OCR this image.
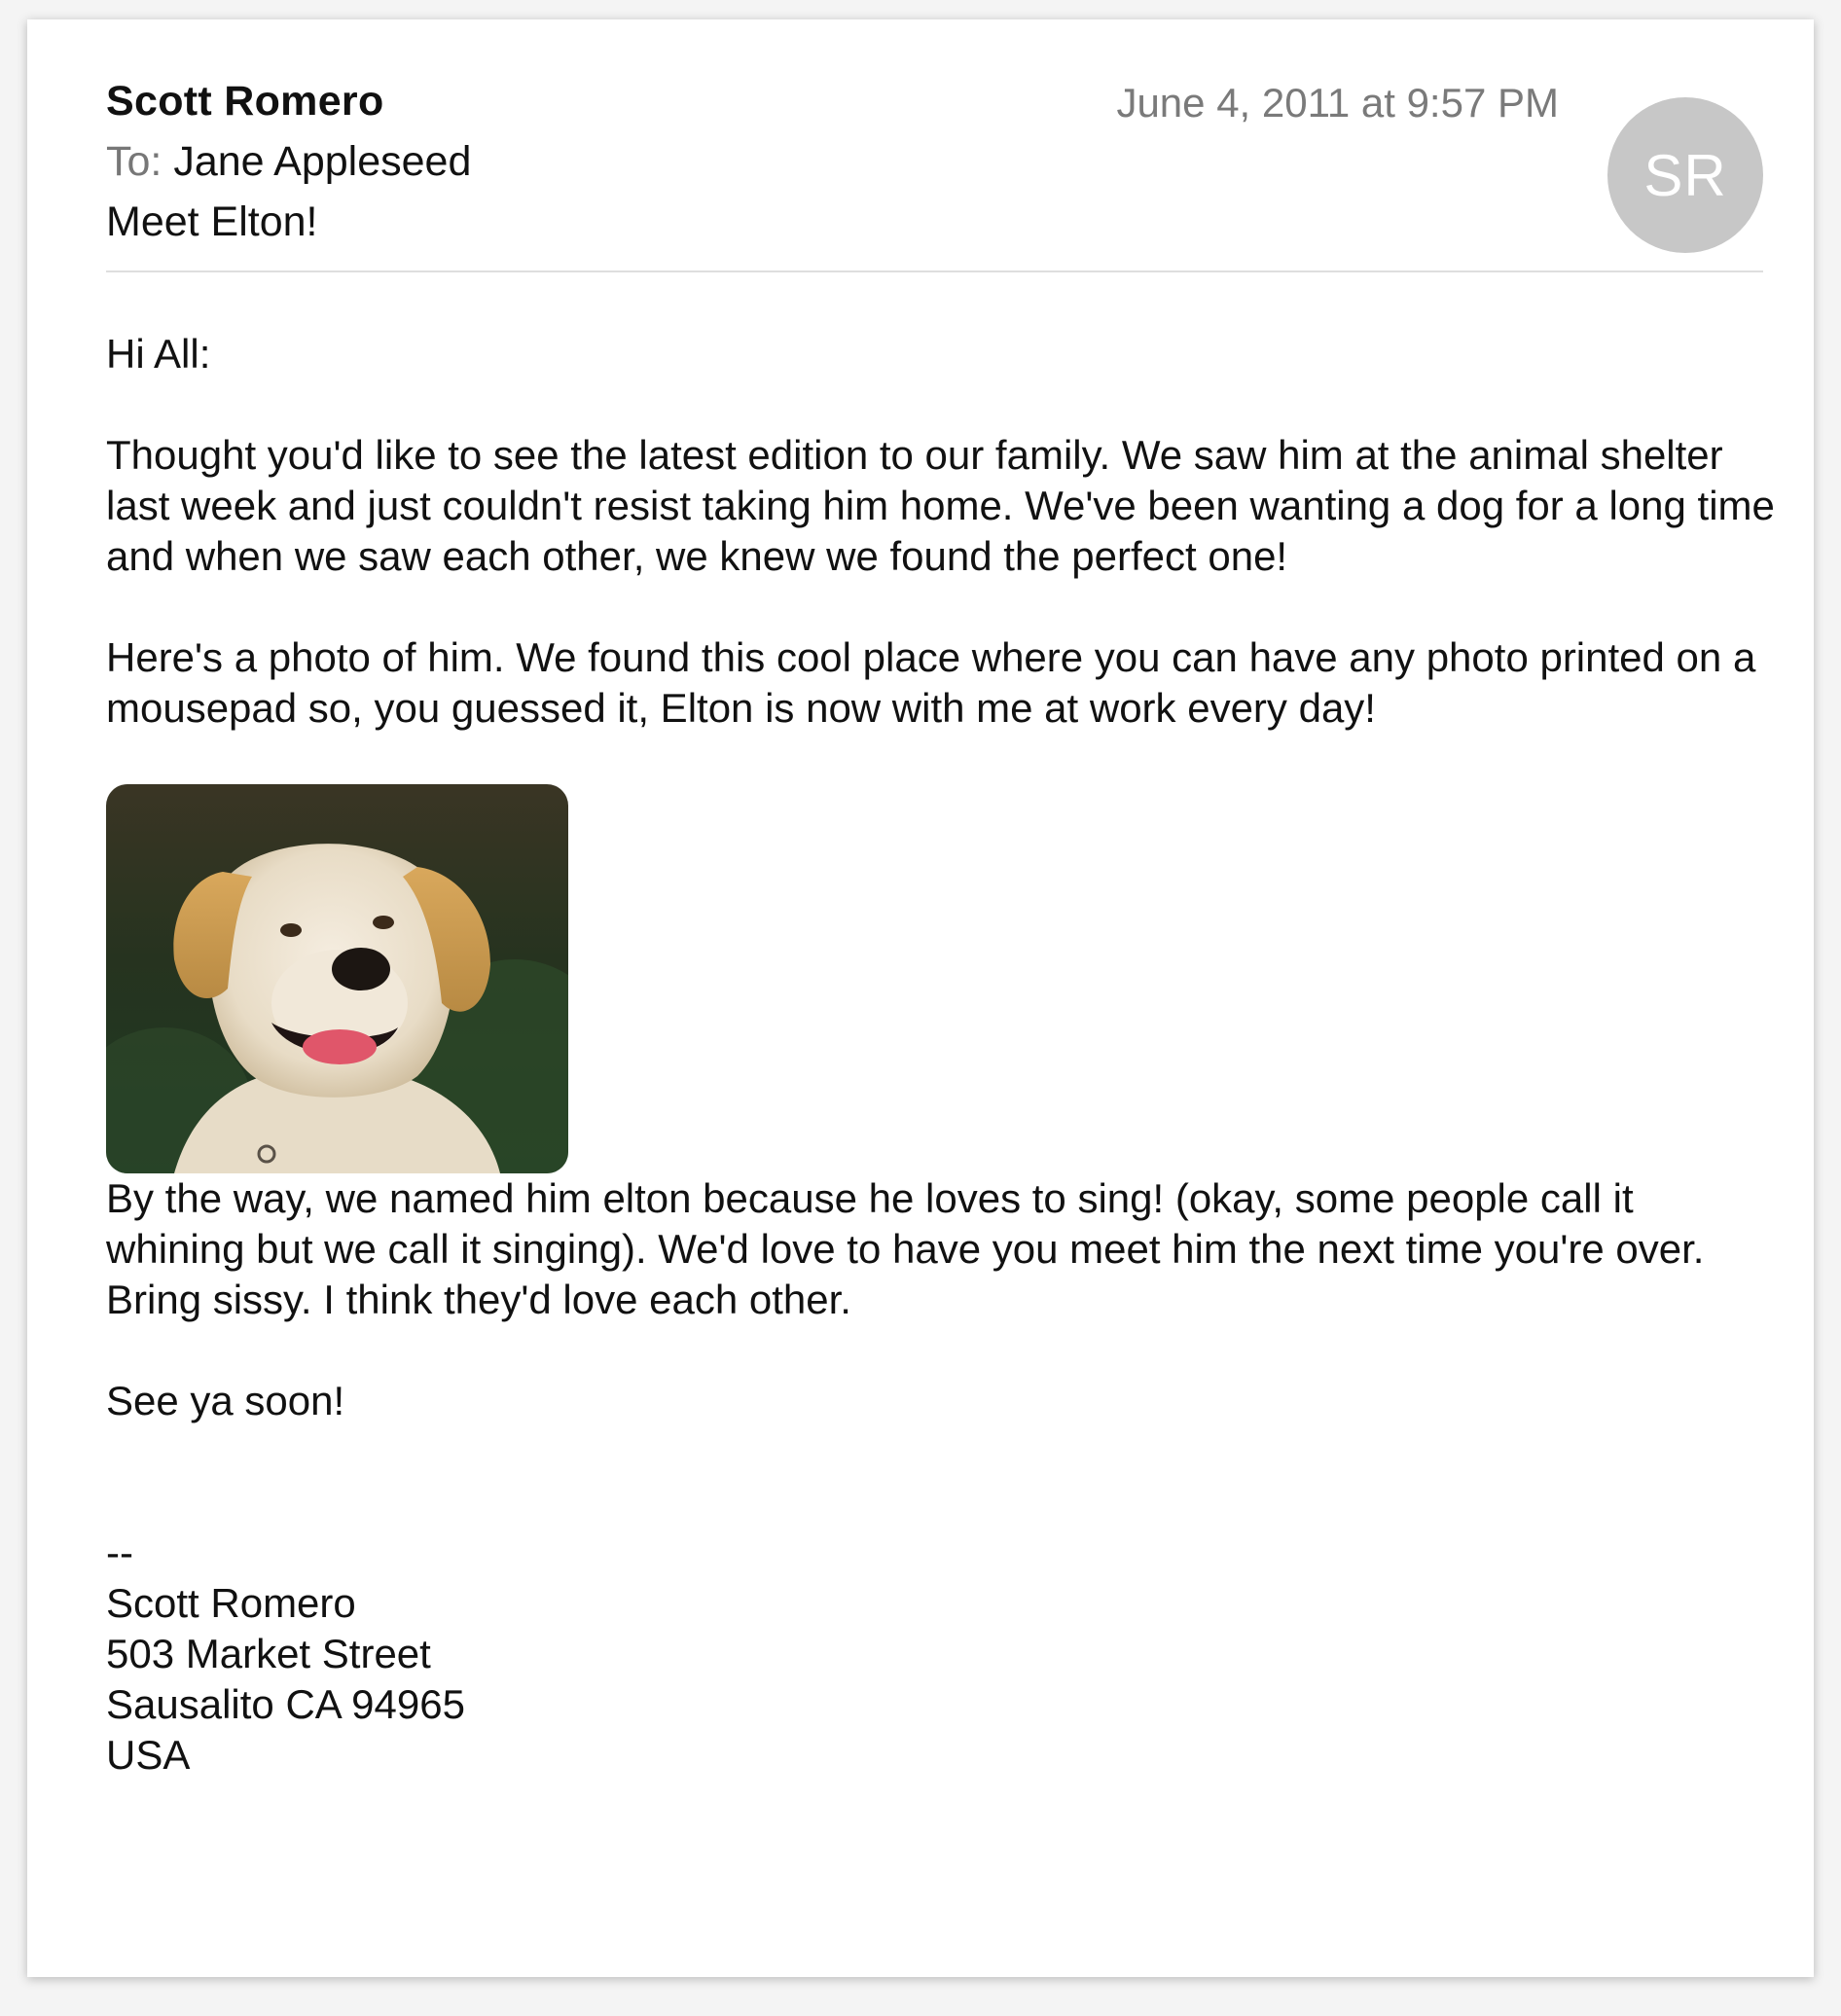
Scott Romero
To: Jane Appleseed
Meet Elton!
June 4, 2011 at 9:57 PM
SR

Hi All:

Thought you'd like to see the latest edition to our family. We saw him at the animal shelter last week and just couldn't resist taking him home. We've been wanting a dog for a long time and when we saw each other, we knew we found the perfect one!

Here's a photo of him. We found this cool place where you can have any photo printed on a mousepad so, you guessed it, Elton is now with me at work every day!

By the way, we named him elton because he loves to sing! (okay, some people call it whining but we call it singing). We'd love to have you meet him the next time you're over. Bring sissy. I think they'd love each other.

See ya soon!

--

Scott Romero

503 Market Street

Sausalito CA 94965

USA
